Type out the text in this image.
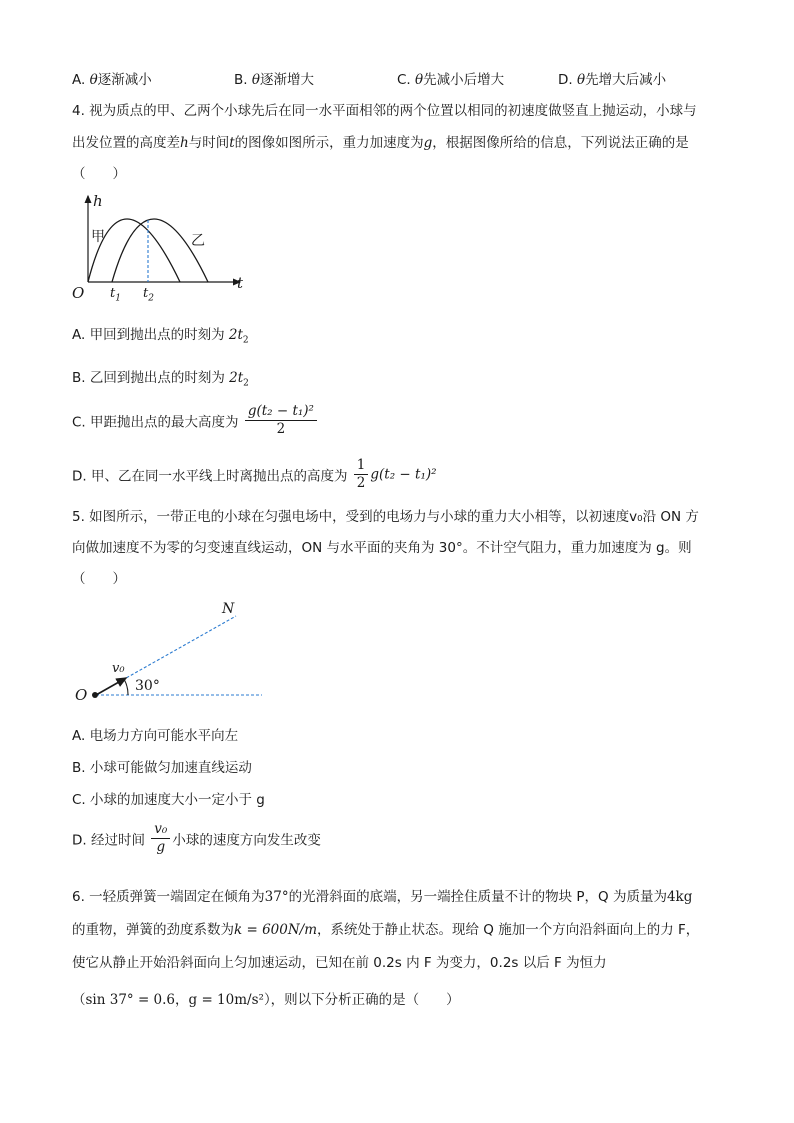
A. θ逐渐减小	B. θ逐渐增大	C. θ先减小后增大	D. θ先增大后减小
4. 视为质点的甲、乙两个小球先后在同一水平面相邻的两个位置以相同的初速度做竖直上抛运动，小球与
出发位置的高度差h与时间t的图像如图所示，重力加速度为g，根据图像所给的信息，下列说法正确的是
（　　）
h
t
O
甲	乙
$t_1$ $t_2$
A. 甲回到抛出点的时刻为 $2t_2$
B. 乙回到抛出点的时刻为 $2t_2$
C. 甲距抛出点的最大高度为 $\frac{\text{g(t₂ − t₁)²}}{2}$
D. 甲、乙在同一水平线上时离抛出点的高度为 $\frac{1}{2} g(t_2 - t_1)^2$
5. 如图所示，一带正电的小球在匀强电场中，受到的电场力与小球的重力大小相等，以初速度v₀沿 ON 方
向做加速度不为零的匀变速直线运动，ON 与水平面的夹角为 30°。不计空气阻力，重力加速度为 g。则
（　　）
N
O
v₀
30°
A. 电场力方向可能水平向左
B. 小球可能做匀加速直线运动
C. 小球的加速度大小一定小于 g
D. 经过时间 $\frac{\text{v₀}}{g}$ 小球的速度方向发生改变
6. 一轻质弹簧一端固定在倾角为37°的光滑斜面的底端，另一端拴住质量不计的物块 P，Q 为质量为4kg
的重物，弹簧的劲度系数为k = 600N/m，系统处于静止状态。现给 Q 施加一个方向沿斜面向上的力 F，
使它从静止开始沿斜面向上匀加速运动，已知在前 0.2s 内 F 为变力，0.2s 以后 F 为恒力
（sin 37° = 0.6，g = 10m/s²），则以下分析正确的是（　　）
